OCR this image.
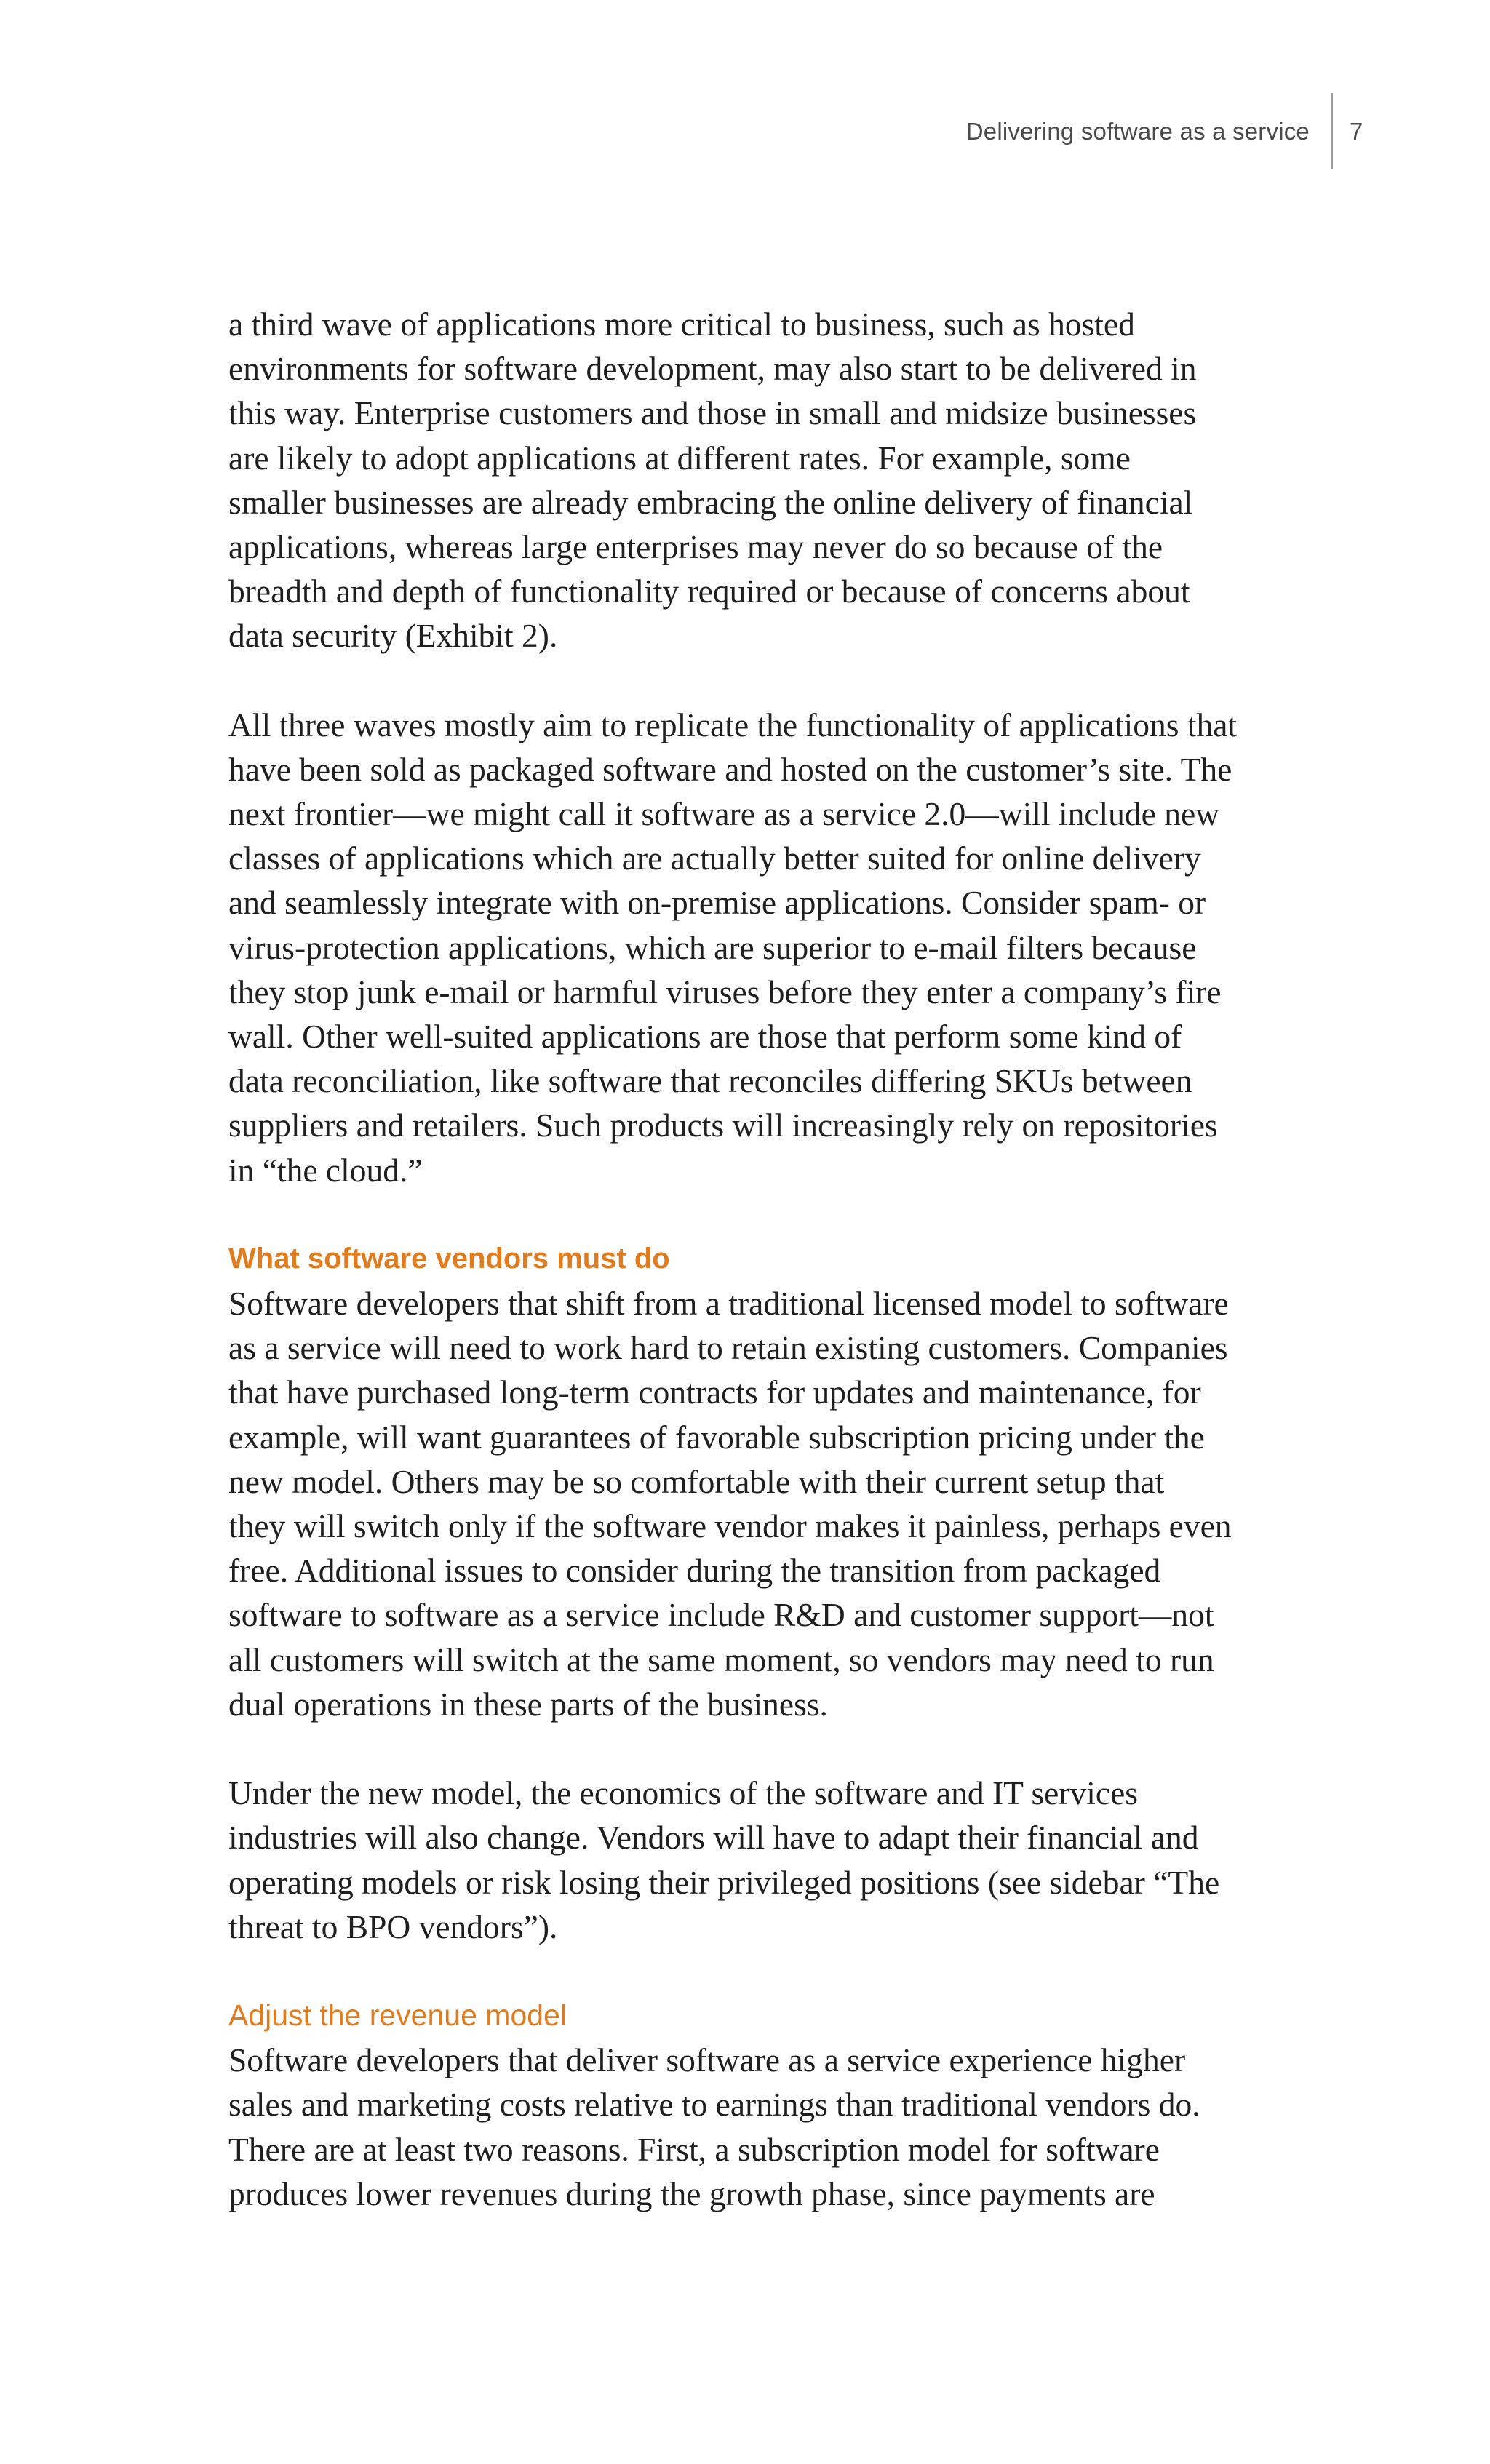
Delivering software as a service 7

a third wave of applications more critical to business, such as hosted
environments for software development, may also start to be delivered in
this way. Enterprise customers and those in small and midsize businesses
are likely to adopt applications at different rates. For example, some
smaller businesses are already embracing the online delivery of financial
applications, whereas large enterprises may never do so because of the
breadth and depth of functionality required or because of concerns about
data security (Exhibit 2).

All three waves mostly aim to replicate the functionality of applications that
have been sold as packaged software and hosted on the customer’s site. The
next frontier—we might call it software as a service 2.0—will include new
classes of applications which are actually better suited for online delivery
and seamlessly integrate with on-premise applications. Consider spam- or
virus-protection applications, which are superior to e-mail filters because
they stop junk e-mail or harmful viruses before they enter a company’s fire
wall. Other well-suited applications are those that perform some kind of
data reconciliation, like software that reconciles differing SKUs between
suppliers and retailers. Such products will increasingly rely on repositories
in “the cloud.”

What software vendors must do

Software developers that shift from a traditional licensed model to software
as a service will need to work hard to retain existing customers. Companies
that have purchased long-term contracts for updates and maintenance, for
example, will want guarantees of favorable subscription pricing under the
new model. Others may be so comfortable with their current setup that
they will switch only if the software vendor makes it painless, perhaps even
free. Additional issues to consider during the transition from packaged
software to software as a service include R&D and customer support—not
all customers will switch at the same moment, so vendors may need to run
dual operations in these parts of the business.

Under the new model, the economics of the software and IT services
industries will also change. Vendors will have to adapt their financial and
operating models or risk losing their privileged positions (see sidebar “The
threat to BPO vendors”).

Adjust the revenue model

Software developers that deliver software as a service experience higher
sales and marketing costs relative to earnings than traditional vendors do.
There are at least two reasons. First, a subscription model for software
produces lower revenues during the growth phase, since payments are
